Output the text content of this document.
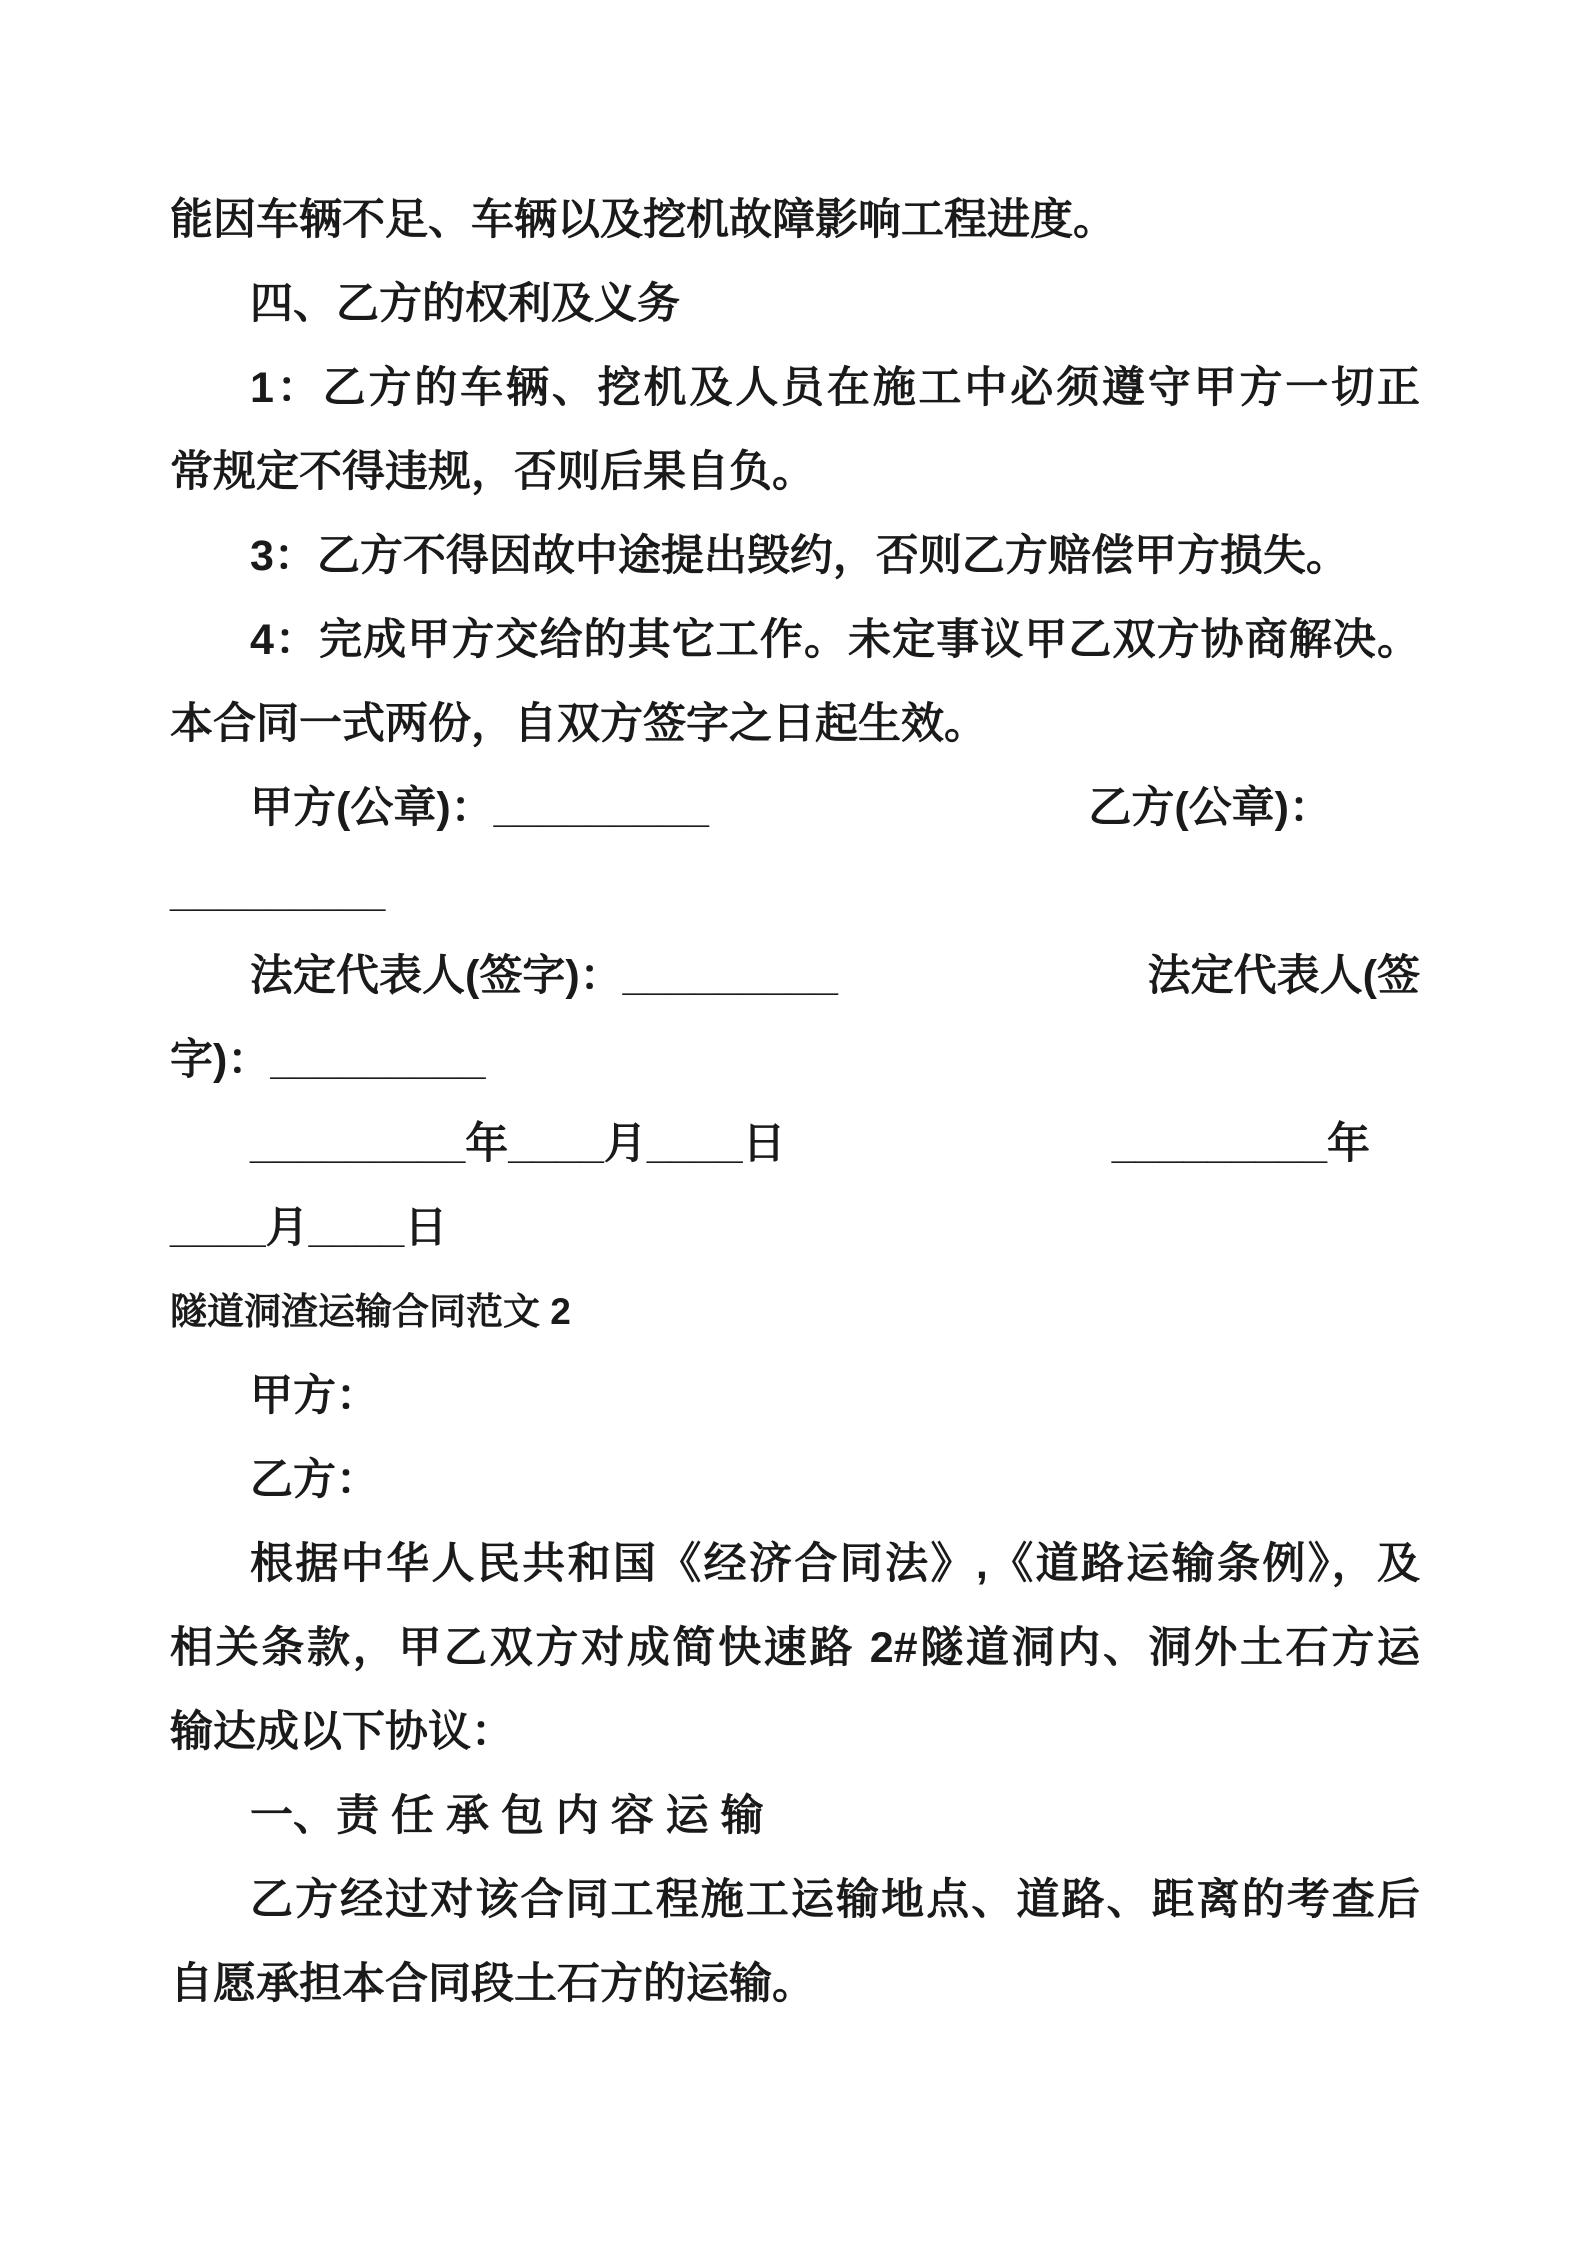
能因车辆不足、车辆以及挖机故障影响工程进度。
四、乙方的权利及义务
1：乙方的车辆、挖机及人员在施工中必须遵守甲方一切正
常规定不得违规，否则后果自负。
3：乙方不得因故中途提出毁约，否则乙方赔偿甲方损失。
4：完成甲方交给的其它工作。未定事议甲乙双方协商解决。
本合同一式两份，自双方签字之日起生效。
甲方(公章)：_________	乙方(公章)：
_________
法定代表人(签字)：_________	法定代表人(签
字)：_________
_________年____月____日	_________年
____月____日
隧道洞渣运输合同范文 2
甲方：
乙方：
根据中华人民共和国《经济合同法》,《道路运输条例》，及
相关条款，甲乙双方对成简快速路 2#隧道洞内、洞外土石方运
输达成以下协议：
一、责 任 承 包 内 容 运 输
乙方经过对该合同工程施工运输地点、道路、距离的考查后
自愿承担本合同段土石方的运输。
